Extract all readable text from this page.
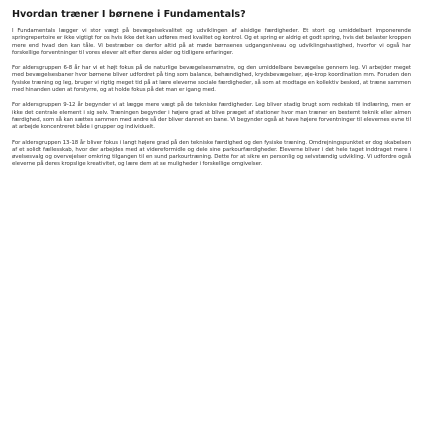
Hvordan træner I børnene i Fundamentals?
I Fundamentals lægger vi stor vægt på bevægelsekvalitet og udviklingen af alsidige færdigheder. Et stort og umiddelbart imponerende springrepertoire er ikke vigtigt for os hvis ikke det kan udføres med kvalitet og kontrol. Og et spring er aldrig et godt spring, hvis det belaster kroppen mere end hvad den kan tåle. Vi bestræber os derfor altid på at møde børnsenes udgangsniveau og udviklingshastighed, hvorfor vi også har forskellige forventninger til vores elever alt efter deres alder og tidligere erfaringer.
For aldersgruppen 6-8 år har vi et højt fokus på de naturlige bevægelsesmønstre, og den umiddelbare bevægelse gennem leg. Vi arbejder meget med bevægelsesbaner hvor børnene bliver udfordret på ting som balance, behændighed, krydsbevægelser, øje-krop koordination mm. Foruden den fysiske træning og leg, bruger vi rigtig meget tid på at lære eleverne sociale færdigheder, så som at modtage en kollektiv besked, at træne sammen med hinanden uden at forstyrre, og at holde fokus på det man er igang med.
For aldersgruppen 9-12 år begynder vi at lægge mere vægt på de tekniske færdigheder. Leg bliver stadig brugt som redskab til indlæring, men er ikke det centrale element i sig selv. Træningen begynder i højere grad at blive præget af stationer hvor man træner en bestemt teknik eller almen færdighed, som så kan sættes sammen med andre så der bliver dannet en bane. Vi begynder også at have højere forventninger til elevernes evne til at arbejde koncentreret både i grupper og individuelt.
For aldersgruppen 13-18 år bliver fokus i langt højere grad på den tekniske færdighed og den fysiske træning. Omdrejningspunktet er dog skabelsen af et solidt fællesskab, hvor der arbejdes med at videreformidle og dele sine parkourfærdigheder. Eleverne bliver i det hele taget inddraget mere i øvelsesvalg og overvejelser omkring tilgangen til en sund parkourtræning. Dette for at sikre en personlig og selvstændig udvikling. Vi udfordre også eleverne på deres kropslige kreativitet, og lære dem at se muligheder i forskellige omgivelser.
